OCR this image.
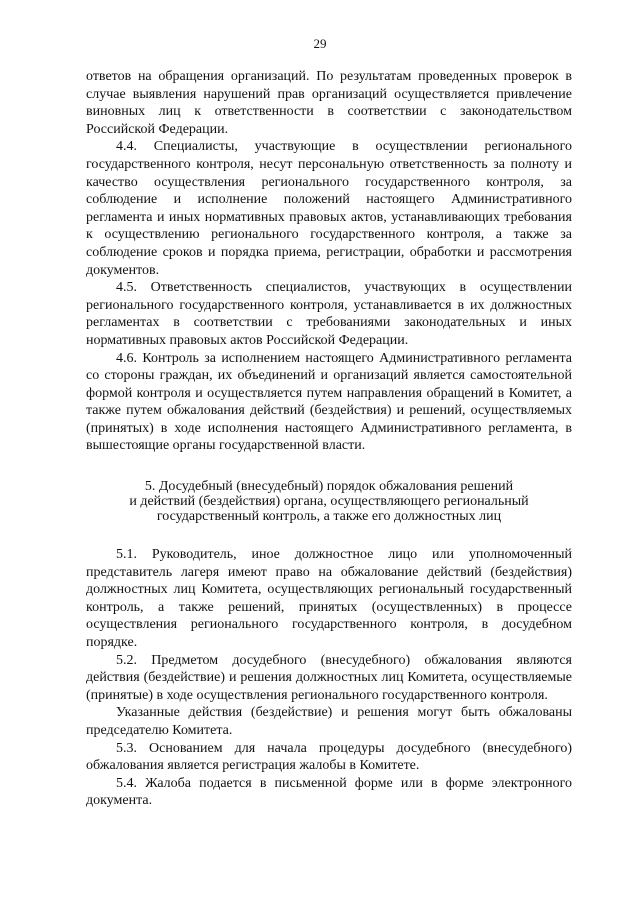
29

ответов на обращения организаций. По результатам проведенных проверок в случае выявления нарушений прав организаций осуществляется привлечение виновных лиц к ответственности в соответствии с законодательством Российской Федерации.

4.4. Специалисты, участвующие в осуществлении регионального государственного контроля, несут персональную ответственность за полноту и качество осуществления регионального государственного контроля, за соблюдение и исполнение положений настоящего Административного регламента и иных нормативных правовых актов, устанавливающих требования к осуществлению регионального государственного контроля, а также за соблюдение сроков и порядка приема, регистрации, обработки и рассмотрения документов.

4.5. Ответственность специалистов, участвующих в осуществлении регионального государственного контроля, устанавливается в их должностных регламентах в соответствии с требованиями законодательных и иных нормативных правовых актов Российской Федерации.

4.6. Контроль за исполнением настоящего Административного регламента со стороны граждан, их объединений и организаций является самостоятельной формой контроля и осуществляется путем направления обращений в Комитет, а также путем обжалования действий (бездействия) и решений, осуществляемых (принятых) в ходе исполнения настоящего Административного регламента, в вышестоящие органы государственной власти.

5. Досудебный (внесудебный) порядок обжалования решений
и действий (бездействия) органа, осуществляющего региональный
государственный контроль, а также его должностных лиц

5.1. Руководитель, иное должностное лицо или уполномоченный представитель лагеря имеют право на обжалование действий (бездействия) должностных лиц Комитета, осуществляющих региональный государственный контроль, а также решений, принятых (осуществленных) в процессе осуществления регионального государственного контроля, в досудебном порядке.

5.2. Предметом досудебного (внесудебного) обжалования являются действия (бездействие) и решения должностных лиц Комитета, осуществляемые (принятые) в ходе осуществления регионального государственного контроля.

Указанные действия (бездействие) и решения могут быть обжалованы председателю Комитета.

5.3. Основанием для начала процедуры досудебного (внесудебного) обжалования является регистрация жалобы в Комитете.

5.4. Жалоба подается в письменной форме или в форме электронного документа.
